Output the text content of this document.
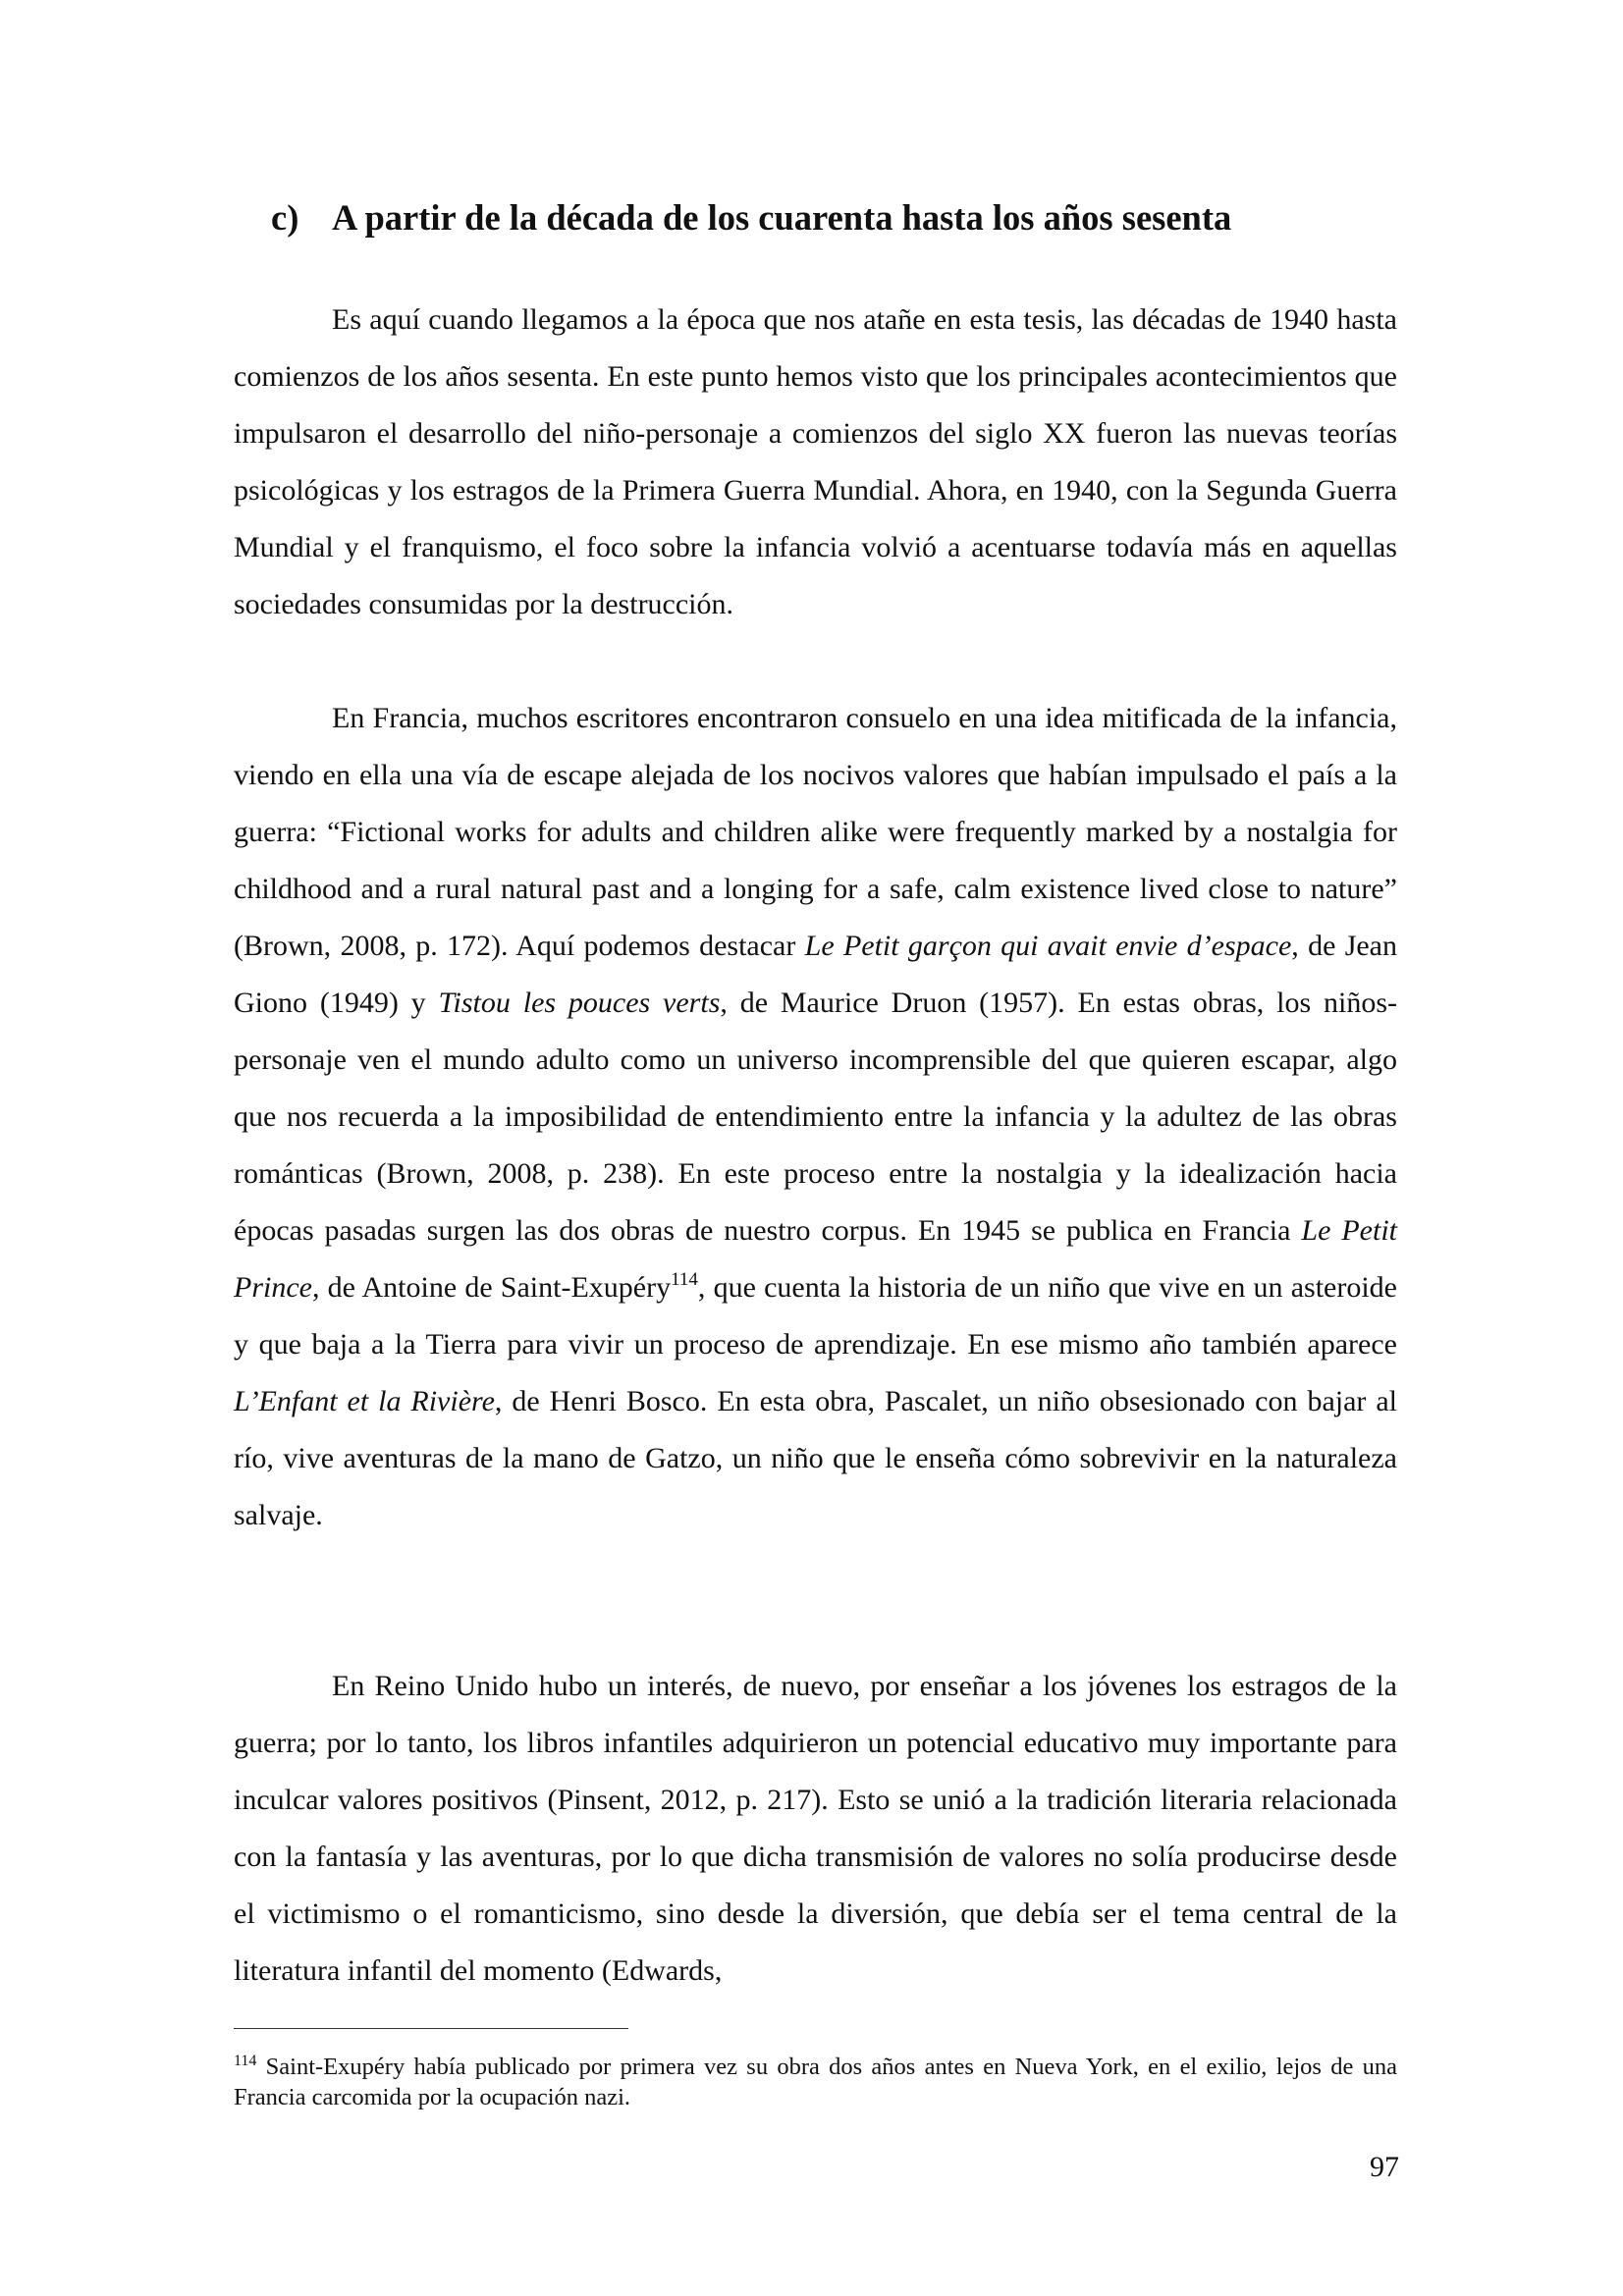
c) A partir de la década de los cuarenta hasta los años sesenta

Es aquí cuando llegamos a la época que nos atañe en esta tesis, las décadas de 1940 hasta comienzos de los años sesenta. En este punto hemos visto que los principales acontecimientos que impulsaron el desarrollo del niño-personaje a comienzos del siglo XX fueron las nuevas teorías psicológicas y los estragos de la Primera Guerra Mundial. Ahora, en 1940, con la Segunda Guerra Mundial y el franquismo, el foco sobre la infancia volvió a acentuarse todavía más en aquellas sociedades consumidas por la destrucción.

En Francia, muchos escritores encontraron consuelo en una idea mitificada de la infancia, viendo en ella una vía de escape alejada de los nocivos valores que habían impulsado el país a la guerra: “Fictional works for adults and children alike were frequently marked by a nostalgia for childhood and a rural natural past and a longing for a safe, calm existence lived close to nature” (Brown, 2008, p. 172). Aquí podemos destacar Le Petit garçon qui avait envie d’espace, de Jean Giono (1949) y Tistou les pouces verts, de Maurice Druon (1957). En estas obras, los niños-personaje ven el mundo adulto como un universo incomprensible del que quieren escapar, algo que nos recuerda a la imposibilidad de entendimiento entre la infancia y la adultez de las obras románticas (Brown, 2008, p. 238). En este proceso entre la nostalgia y la idealización hacia épocas pasadas surgen las dos obras de nuestro corpus. En 1945 se publica en Francia Le Petit Prince, de Antoine de Saint-Exupéry$^{114}$, que cuenta la historia de un niño que vive en un asteroide y que baja a la Tierra para vivir un proceso de aprendizaje. En ese mismo año también aparece L’Enfant et la Rivière, de Henri Bosco. En esta obra, Pascalet, un niño obsesionado con bajar al río, vive aventuras de la mano de Gatzo, un niño que le enseña cómo sobrevivir en la naturaleza salvaje.

En Reino Unido hubo un interés, de nuevo, por enseñar a los jóvenes los estragos de la guerra; por lo tanto, los libros infantiles adquirieron un potencial educativo muy importante para inculcar valores positivos (Pinsent, 2012, p. 217). Esto se unió a la tradición literaria relacionada con la fantasía y las aventuras, por lo que dicha transmisión de valores no solía producirse desde el victimismo o el romanticismo, sino desde la diversión, que debía ser el tema central de la literatura infantil del momento (Edwards,

$^{114}$ Saint-Exupéry había publicado por primera vez su obra dos años antes en Nueva York, en el exilio, lejos de una Francia carcomida por la ocupación nazi.

97
